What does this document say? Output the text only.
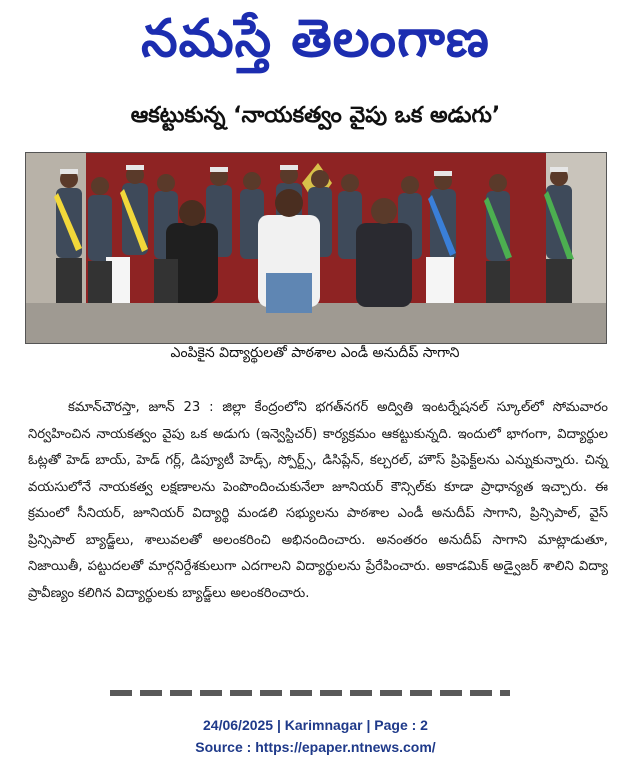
నమస్తే తెలంగాణ
ఆకట్టుకున్న ‘నాయకత్వం వైపు ఒక అడుగు’
ఎంపికైన విద్యార్థులతో పాఠశాల ఎండీ అనుదీప్ సాగాని

కమాన్‌చౌరస్తా, జూన్ 23 : జిల్లా కేంద్రంలోని భగత్‌నగర్ అద్వితి ఇంటర్నేషనల్ స్కూల్‌లో సోమవారం నిర్వహించిన నాయకత్వం వైపు ఒక అడుగు (ఇన్వెస్టిచర్) కార్యక్రమం ఆకట్టుకున్నది. ఇందులో భాగంగా, విద్యార్థుల ఓట్లతో హెడ్ బాయ్, హెడ్ గర్ల్, డిప్యూటీ హెడ్స్, స్పోర్ట్స్, డిసిప్లేన్, కల్చరల్, హౌస్ ప్రిఫెక్ట్‌లను ఎన్నుకున్నారు. చిన్న వయసులోనే నాయకత్వ లక్షణాలను పెంపొందించుకునేలా జూనియర్ కౌన్సిల్‌కు కూడా ప్రాధాన్యత ఇచ్చారు. ఈ క్రమంలో సీనియర్, జూనియర్ విద్యార్థి మండలి సభ్యులను పాఠశాల ఎండీ అనుదీప్ సాగాని, ప్రిన్సిపాల్, వైస్ ప్రిన్సిపాల్ బ్యాడ్జ్‌లు, శాలువలతో అలంకరించి అభినందించారు. అనంతరం అనుదీప్ సాగాని మాట్లాడుతూ, నిజాయితీ, పట్టుదలతో మార్గనిర్దేశకులుగా ఎదగాలని విద్యార్థులను ప్రేరేపించారు. అకాడమిక్ అడ్వైజర్ శాలిని విద్యా ప్రావీణ్యం కలిగిన విద్యార్థులకు బ్యాడ్జ్‌లు అలంకరించారు.

24/06/2025 | Karimnagar | Page : 2
Source : https://epaper.ntnews.com/
